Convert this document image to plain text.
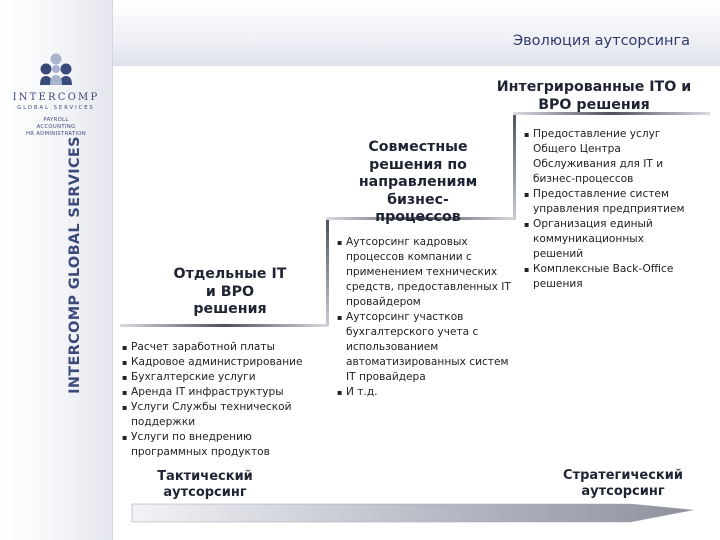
INTERCOMP
GLOBAL SERVICES
PAYROLL
ACCOUNTING
HR ADMINISTRATION
INTERCOMP GLOBAL SERVICES
Эволюция аутсорсинга
Отдельные IT и BPO решения
Совместные решения по направлениям бизнес-процессов
Интегрированные ITO и BPO решения
▪ Расчет заработной платы
▪ Кадровое администрирование
▪ Бухгалтерские услуги
▪ Аренда IT инфраструктуры
▪ Услуги Службы технической поддержки
▪ Услуги по внедрению программных продуктов
▪ Аутсорсинг кадровых процессов компании с применением технических средств, предоставленных IT провайдером
▪ Аутсорсинг участков бухгалтерского учета с использованием автоматизированных систем IT провайдера
▪ И т.д.
▪ Предоставление услуг Общего Центра Обслуживания для IT и бизнес-процессов
▪ Предоставление систем управления предприятием
▪ Организация единый коммуникационных решений
▪ Комплексные Back-Office решения
Тактический аутсорсинг
Стратегический аутсорсинг
